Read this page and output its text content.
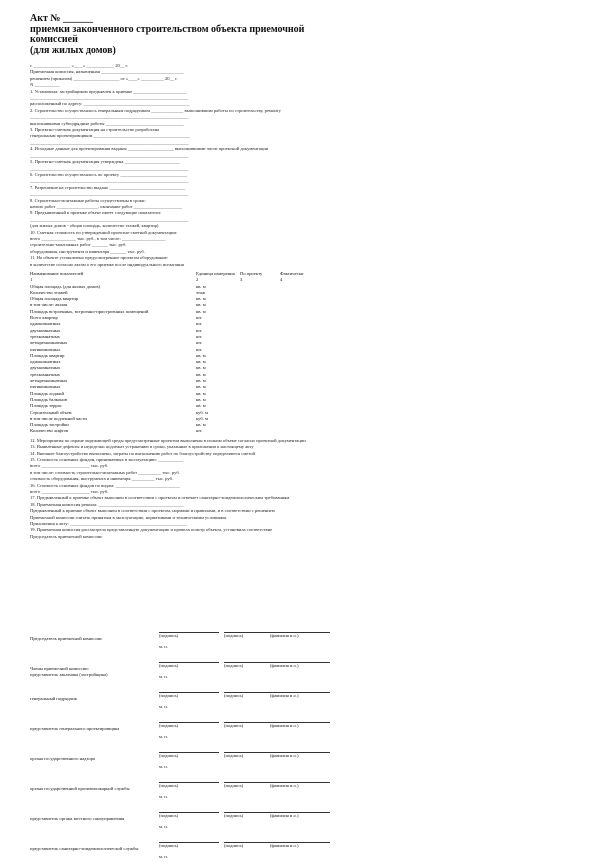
Акт № ______
приемки законченного строительством объекта приемочной
комиссией
(для жилых домов)
г. ________________ «____» ____________ 20__ г.
Приемочная комиссия, назначенная ____________________________________
решением (приказом) ____________________ от «____» __________ 20__ г.
N ___________
1. Установила: застройщиком предъявлен к приемке _______________________
_____________________________________________________________________
расположенный по адресу: ______________________________________________
2. Строительство осуществлялось генеральным подрядчиком ______________ выполнившим работы по строительству, ремонту
_____________________________________________________________________
выполнявшими субподрядные работы __________________________________
3. Проектно-сметная документация на строительство разработана
генеральным проектировщиком __________________________________________
_____________________________________________________________________
4. Исходные данные для проектирования выданы ____________________ выполнившими части проектной документации
_____________________________________________________________________
5. Проектно-сметная документация утверждена ________________________
_____________________________________________________________________
6. Строительство осуществлялось по проекту _____________________________
_____________________________________________________________________
7. Разрешение на строительство выдано _________________________________
_____________________________________________________________________
8. Строительно-монтажные работы осуществлены в сроки:
начало работ __________________, окончание работ _____________________
9. Предъявленный к приемке объект имеет следующие показатели:
_____________________________________________________________________
(для жилых домов - общая площадь, количество этажей, квартир)
10. Сметная стоимость по утвержденной проектно-сметной документации:
всего _______________ тыс. руб., в том числе: ___________________
строительно-монтажных работ _______ тыс. руб.
оборудования, инструмента и инвентаря _______ тыс. руб.
11. На объекте установлено предусмотренное проектом оборудование:
в количестве согласно актам о его приемке после индивидуального испытания
Наименование показателей	Единица измерения По проекту	Фактически
1	2	3	4
Общая площадь (для жилых домов)	кв. м
Количество этажей	этаж
Общая площадь квартир	кв. м
в том числе: жилая	кв. м
Площадь встроенных, встроенно-пристроенных помещений	кв. м
Всего квартир	шт.
однокомнатных	шт.
двухкомнатных	шт.
трехкомнатных	шт.
четырехкомнатных	шт.
пятикомнатных	шт.
Площадь квартир	кв. м
однокомнатных	кв. м
двухкомнатных	кв. м
трехкомнатных	кв. м
четырехкомнатных	кв. м
пятикомнатных	кв. м
Площадь лоджий	кв. м
Площадь балконов	кв. м
Площадь террас	кв. м
Строительный объем	куб. м
в том числе подземной части	куб. м
Площадь застройки	кв. м
Количество лифтов	шт.
12. Мероприятия по охране окружающей среды предусмотренные проектом выполнены в полном объеме согласно проектной документации
13. Выявленные дефекты и недоделки подлежат устранению в сроки, указанные в приложении к настоящему акту
14. Внешнее благоустройство выполнено, затраты по выполнению работ по благоустройству определяются сметой
15. Стоимость основных фондов, принимаемых в эксплуатацию: ___________
всего _____________________ тыс. руб.
в том числе: стоимость строительно-монтажных работ __________ тыс. руб.
стоимость оборудования, инструмента и инвентаря __________ тыс. руб.
16. Стоимость основных фондов по видам: ____________________________
всего _____________________ тыс. руб.
17. Предъявленный к приемке объект выполнен в соответствии с проектом и отвечает санитарно-эпидемиологическим требованиям
18. Приемочная комиссия решила: _____________________________________
Предъявленный к приемке объект выполнен в соответствии с проектом, нормами и правилами, и в соответствии с решением
Приемочной комиссии считать принятым в эксплуатацию, нормативами и техническими условиями.
Приложения к акту: ___________________________________________________
19. Приемочная комиссия рассмотрела представленную документацию и провела осмотр объекта, установила соответствие
Председатель приемочной комиссии:
Председатель приемочной комиссии:
(подпись)	(подпись)	(фамилия и.о.)
м. п.
Члены приемочной комиссии:
представитель заказчика (застройщика)
(подпись)	(подпись)	(фамилия и.о.)
м. п.
генеральный подрядчик
(подпись)	(подпись)	(фамилия и.о.)
м. п.
представитель генерального проектировщика
(подпись)	(подпись)	(фамилия и.о.)
м. п.
органа государственного надзора
(подпись)	(подпись)	(фамилия и.о.)
м. п.
органа государственной противопожарной службы
(подпись)	(подпись)	(фамилия и.о.)
м. п.
представитель органа местного самоуправления
(подпись)	(подпись)	(фамилия и.о.)
м. п.
представитель санитарно-эпидемиологической службы
(подпись)	(подпись)	(фамилия и.о.)
м. п.
